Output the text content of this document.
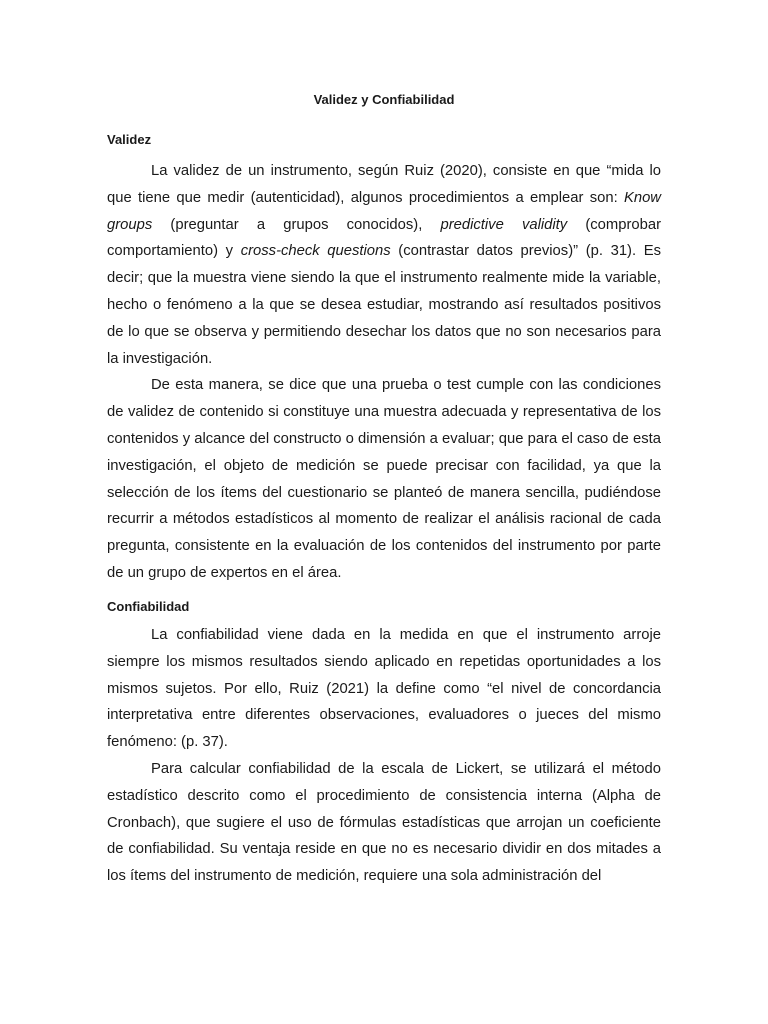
Validez y Confiabilidad
Validez

La validez de un instrumento, según Ruiz (2020), consiste en que “mida lo que tiene que medir (autenticidad), algunos procedimientos a emplear son: Know groups (preguntar a grupos conocidos), predictive validity (comprobar comportamiento) y cross-check questions (contrastar datos previos)” (p. 31). Es decir; que la muestra viene siendo la que el instrumento realmente mide la variable, hecho o fenómeno a la que se desea estudiar, mostrando así resultados positivos de lo que se observa y permitiendo desechar los datos que no son necesarios para la investigación.

De esta manera, se dice que una prueba o test cumple con las condiciones de validez de contenido si constituye una muestra adecuada y representativa de los contenidos y alcance del constructo o dimensión a evaluar; que para el caso de esta investigación, el objeto de medición se puede precisar con facilidad, ya que la selección de los ítems del cuestionario se planteó de manera sencilla, pudiéndose recurrir a métodos estadísticos al momento de realizar el análisis racional de cada pregunta, consistente en la evaluación de los contenidos del instrumento por parte de un grupo de expertos en el área.

Confiabilidad

La confiabilidad viene dada en la medida en que el instrumento arroje siempre los mismos resultados siendo aplicado en repetidas oportunidades a los mismos sujetos. Por ello, Ruiz (2021) la define como “el nivel de concordancia interpretativa entre diferentes observaciones, evaluadores o jueces del mismo fenómeno: (p. 37).

Para calcular confiabilidad de la escala de Lickert, se utilizará el método estadístico descrito como el procedimiento de consistencia interna (Alpha de Cronbach), que sugiere el uso de fórmulas estadísticas que arrojan un coeficiente de confiabilidad. Su ventaja reside en que no es necesario dividir en dos mitades a los ítems del instrumento de medición, requiere una sola administración del
